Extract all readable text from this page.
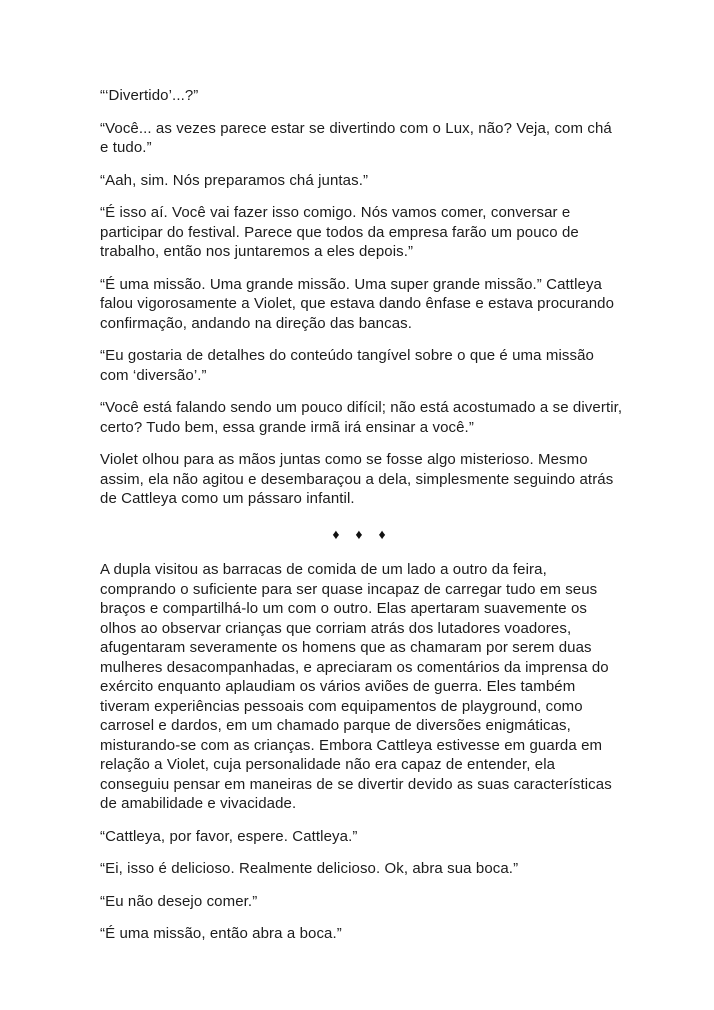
“‘Divertido’...?”

“Você... as vezes parece estar se divertindo com o Lux, não? Veja, com chá e tudo.”

“Aah, sim. Nós preparamos chá juntas.”

“É isso aí. Você vai fazer isso comigo. Nós vamos comer, conversar e participar do festival. Parece que todos da empresa farão um pouco de trabalho, então nos juntaremos a eles depois.”

“É uma missão. Uma grande missão. Uma super grande missão.” Cattleya falou vigorosamente a Violet, que estava dando ênfase e estava procurando confirmação, andando na direção das bancas.

“Eu gostaria de detalhes do conteúdo tangível sobre o que é uma missão com ‘diversão’.”

“Você está falando sendo um pouco difícil; não está acostumado a se divertir, certo? Tudo bem, essa grande irmã irá ensinar a você.”

Violet olhou para as mãos juntas como se fosse algo misterioso. Mesmo assim, ela não agitou e desembaraçou a dela, simplesmente seguindo atrás de Cattleya como um pássaro infantil.

♦ ♦ ♦

A dupla visitou as barracas de comida de um lado a outro da feira, comprando o suficiente para ser quase incapaz de carregar tudo em seus braços e compartilhá-lo um com o outro. Elas apertaram suavemente os olhos ao observar crianças que corriam atrás dos lutadores voadores, afugentaram severamente os homens que as chamaram por serem duas mulheres desacompanhadas, e apreciaram os comentários da imprensa do exército enquanto aplaudiam os vários aviões de guerra. Eles também tiveram experiências pessoais com equipamentos de playground, como carrosel e dardos, em um chamado parque de diversões enigmáticas, misturando-se com as crianças. Embora Cattleya estivesse em guarda em relação a Violet, cuja personalidade não era capaz de entender, ela conseguiu pensar em maneiras de se divertir devido as suas características de amabilidade e vivacidade.

“Cattleya, por favor, espere. Cattleya.”

“Ei, isso é delicioso. Realmente delicioso. Ok, abra sua boca.”

“Eu não desejo comer.”

“É uma missão, então abra a boca.”
